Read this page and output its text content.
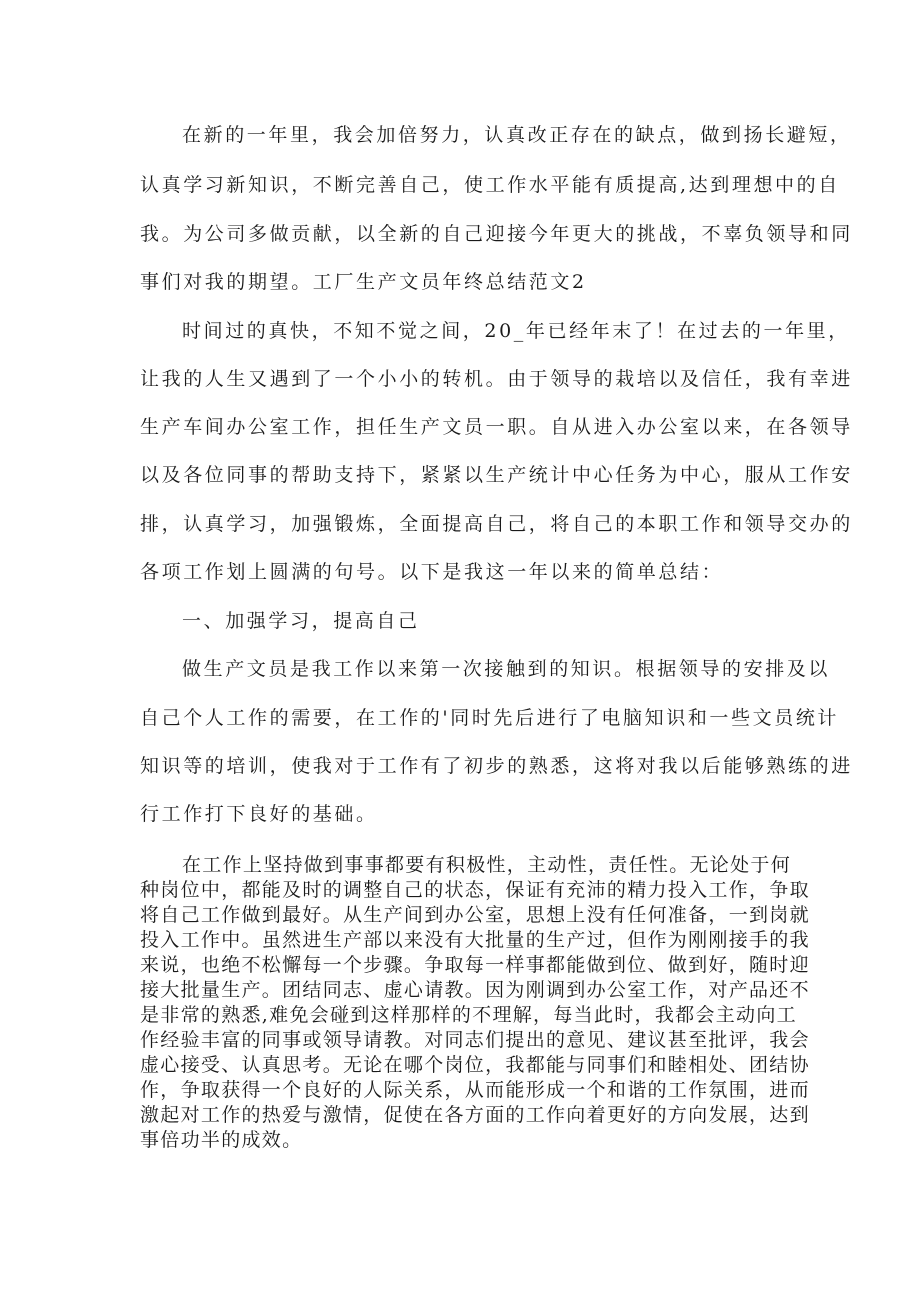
在新的一年里，我会加倍努力，认真改正存在的缺点，做到扬长避短，
认真学习新知识，不断完善自己，使工作水平能有质提高,达到理想中的自
我。为公司多做贡献，以全新的自己迎接今年更大的挑战，不辜负领导和同
事们对我的期望。工厂生产文员年终总结范文2
时间过的真快，不知不觉之间，20_年已经年末了！在过去的一年里，
让我的人生又遇到了一个小小的转机。由于领导的栽培以及信任，我有幸进
生产车间办公室工作，担任生产文员一职。自从进入办公室以来，在各领导
以及各位同事的帮助支持下，紧紧以生产统计中心任务为中心，服从工作安
排，认真学习，加强锻炼，全面提高自己，将自己的本职工作和领导交办的
各项工作划上圆满的句号。以下是我这一年以来的简单总结：
一、加强学习，提高自己
做生产文员是我工作以来第一次接触到的知识。根据领导的安排及以
自己个人工作的需要，在工作的'同时先后进行了电脑知识和一些文员统计
知识等的培训，使我对于工作有了初步的熟悉，这将对我以后能够熟练的进
行工作打下良好的基础。
在工作上坚持做到事事都要有积极性，主动性，责任性。无论处于何
种岗位中，都能及时的调整自己的状态，保证有充沛的精力投入工作，争取
将自己工作做到最好。从生产间到办公室，思想上没有任何准备，一到岗就
投入工作中。虽然进生产部以来没有大批量的生产过，但作为刚刚接手的我
来说，也绝不松懈每一个步骤。争取每一样事都能做到位、做到好，随时迎
接大批量生产。团结同志、虚心请教。因为刚调到办公室工作，对产品还不
是非常的熟悉,难免会碰到这样那样的不理解，每当此时，我都会主动向工
作经验丰富的同事或领导请教。对同志们提出的意见、建议甚至批评，我会
虚心接受、认真思考。无论在哪个岗位，我都能与同事们和睦相处、团结协
作，争取获得一个良好的人际关系，从而能形成一个和谐的工作氛围，进而
激起对工作的热爱与激情，促使在各方面的工作向着更好的方向发展，达到
事倍功半的成效。
